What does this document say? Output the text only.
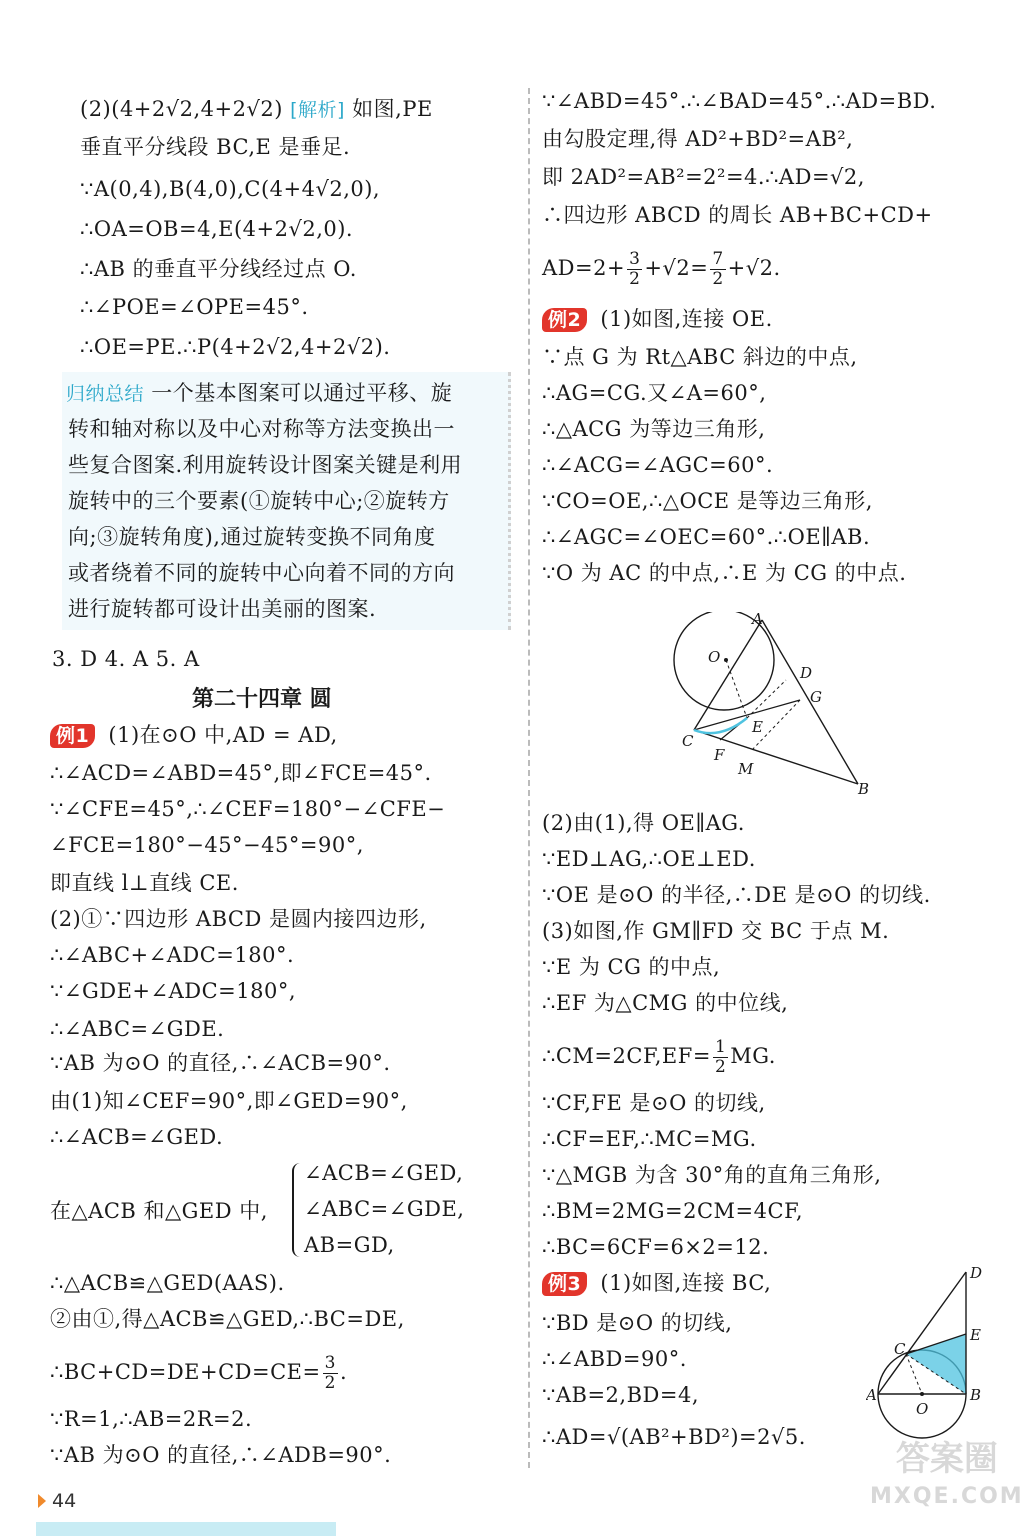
(2)(4+2√2,4+2√2) [解析] 如图,PE
垂直平分线段 BC,E 是垂足.
∵A(0,4),B(4,0),C(4+4√2,0),
∴OA=OB=4,E(4+2√2,0).
∴AB 的垂直平分线经过点 O.
∴∠POE=∠OPE=45°.
∴OE=PE.∴P(4+2√2,4+2√2).
归纳总结 一个基本图案可以通过平移、旋
转和轴对称以及中心对称等方法变换出一
些复合图案.利用旋转设计图案关键是利用
旋转中的三个要素(①旋转中心;②旋转方
向;③旋转角度),通过旋转变换不同角度
或者绕着不同的旋转中心向着不同的方向
进行旋转都可设计出美丽的图案.
3. D 4. A 5. A
第二十四章 圆
例1 (1)在⊙O 中,AD = AD,
∴∠ACD=∠ABD=45°,即∠FCE=45°.
∵∠CFE=45°,∴∠CEF=180°−∠CFE−
∠FCE=180°−45°−45°=90°,
即直线 l⊥直线 CE.
(2)①∵四边形 ABCD 是圆内接四边形,
∴∠ABC+∠ADC=180°.
∵∠GDE+∠ADC=180°,
∴∠ABC=∠GDE.
∵AB 为⊙O 的直径,∴∠ACB=90°.
由(1)知∠CEF=90°,即∠GED=90°,
∴∠ACB=∠GED.
在△ACB 和△GED 中,
∠ACB=∠GED,
∠ABC=∠GDE,
AB=GD,
∴△ACB≌△GED(AAS).
②由①,得△ACB≌△GED,∴BC=DE,
∴BC+CD=DE+CD=CE= $\frac{3}{2}$ .
∵R=1,∴AB=2R=2.
∵AB 为⊙O 的直径,∴∠ADB=90°.
∵∠ABD=45°.∴∠BAD=45°.∴AD=BD.
由勾股定理,得 AD²+BD²=AB²,
即 2AD²=AB²=2²=4.∴AD=√2,
∴四边形 ABCD 的周长 AB+BC+CD+
$AD=2+ \frac{3}{2} +√2= \frac{7}{2} +√2$.
例2 (1)如图,连接 OE.
∵点 G 为 Rt△ABC 斜边的中点,
∴AG=CG.又∠A=60°,
∴△ACG 为等边三角形,
∴∠ACG=∠AGC=60°.
∵CO=OE,∴△OCE 是等边三角形,
∴∠AGC=∠OEC=60°.∴OE∥AB.
∵O 为 AC 的中点,∴E 为 CG 的中点.
A
O
D
G
C
E
F
M
B
(2)由(1),得 OE∥AG.
∵ED⊥AG,∴OE⊥ED.
∵OE 是⊙O 的半径,∴DE 是⊙O 的切线.
(3)如图,作 GM∥FD 交 BC 于点 M.
∵E 为 CG 的中点,
∴EF 为△CMG 的中位线,
∴CM=2CF,EF= $\frac{1}{2}$ MG.
∵CF,FE 是⊙O 的切线,
∴CF=EF,∴MC=MG.
∵△MGB 为含 30°角的直角三角形,
∴BM=2MG=2CM=4CF,
∴BC=6CF=6×2=12.
例3 (1)如图,连接 BC,
∵BD 是⊙O 的切线,
∴∠ABD=90°.
∵AB=2,BD=4,
∴AD=√(AB²+BD²)=2√5.
D
C
E
A
O
B
44
答案圈
MXQE.COM
